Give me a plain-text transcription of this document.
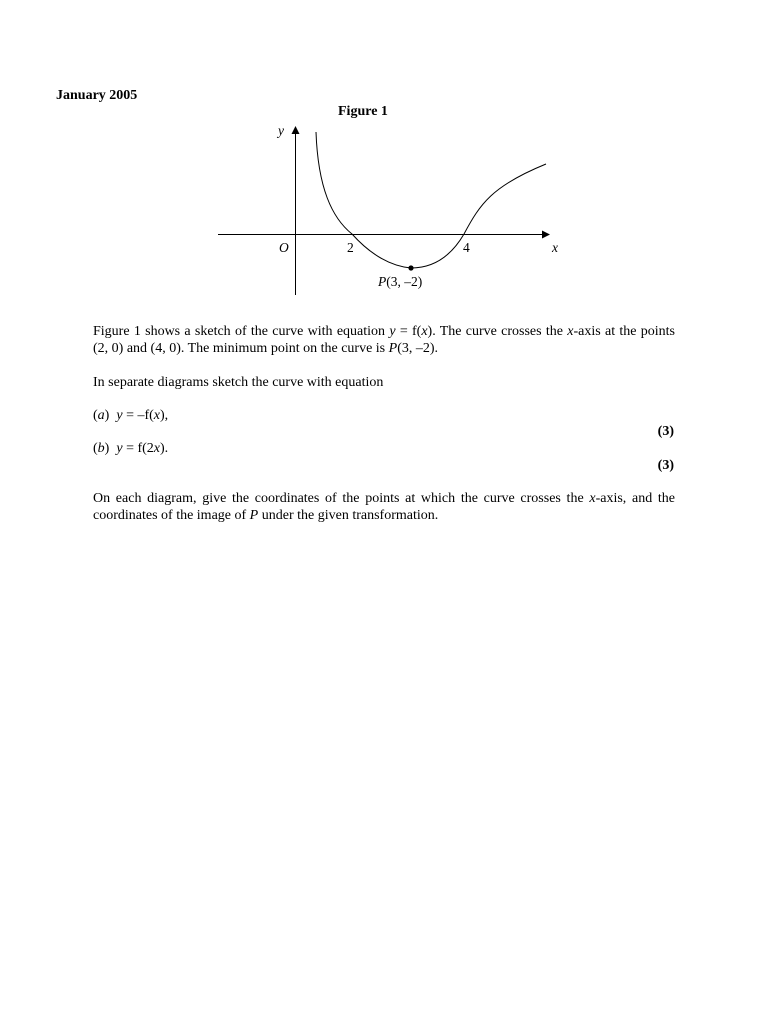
January 2005
Figure 1
y
x
O	2	4
P(3, –2)

Figure 1 shows a sketch of the curve with equation y = f(x). The curve crosses the x-axis at the points (2, 0) and (4, 0). The minimum point on the curve is P(3, –2).

In separate diagrams sketch the curve with equation

(a) y = –f(x),
(3)
(b) y = f(2x).
(3)

On each diagram, give the coordinates of the points at which the curve crosses the x-axis, and the coordinates of the image of P under the given transformation.
